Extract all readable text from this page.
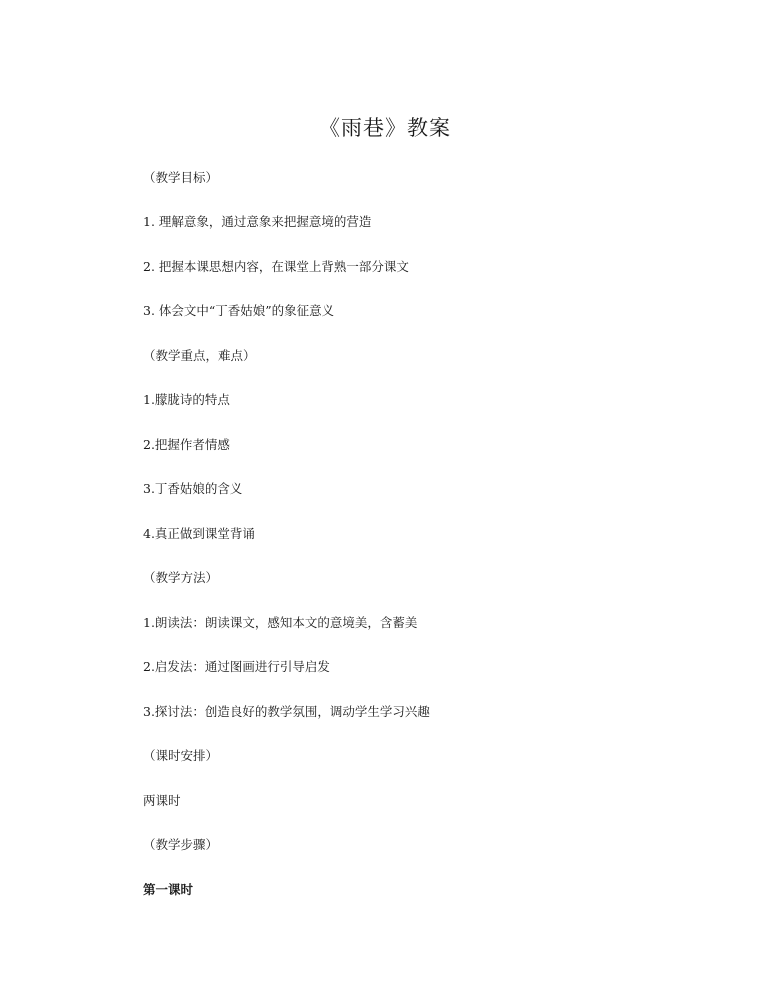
《雨巷》教案
（教学目标）
1. 理解意象，通过意象来把握意境的营造
2. 把握本课思想内容，在课堂上背熟一部分课文
3. 体会文中“丁香姑娘”的象征意义
（教学重点，难点）
1.朦胧诗的特点
2.把握作者情感
3.丁香姑娘的含义
4.真正做到课堂背诵
（教学方法）
1.朗读法：朗读课文，感知本文的意境美，含蓄美
2.启发法：通过图画进行引导启发
3.探讨法：创造良好的教学氛围，调动学生学习兴趣
（课时安排）
两课时
（教学步骤）
第一课时
